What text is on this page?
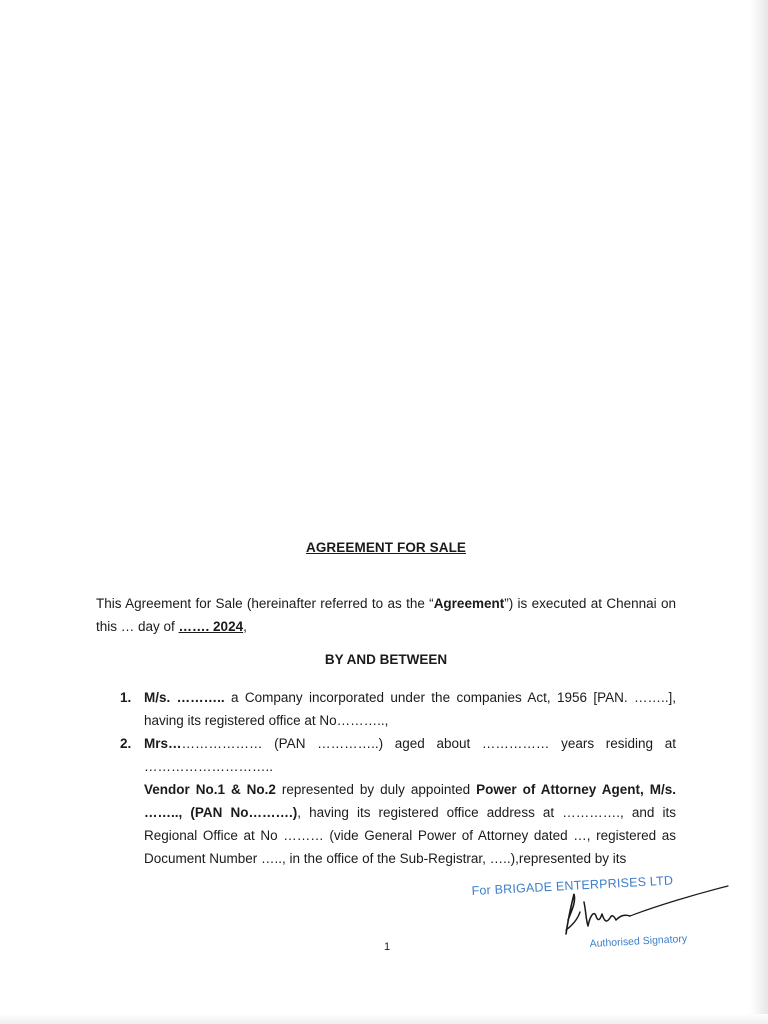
AGREEMENT FOR SALE
This Agreement for Sale (hereinafter referred to as the “Agreement”) is executed at Chennai on this … day of ……. 2024,
BY AND BETWEEN
1. M/s. ……….. a Company incorporated under the companies Act, 1956 [PAN. ……..], having its registered office at No………..,
2. Mrs………………… (PAN …………..) aged about …………… years residing at ………………………..
Vendor No.1 & No.2 represented by duly appointed Power of Attorney Agent, M/s. …….., (PAN No……….), having its registered office address at …………., and its Regional Office at No ……… (vide General Power of Attorney dated …, registered as Document Number ….., in the office of the Sub-Registrar, …..),represented by its
For BRIGADE ENTERPRISES LTD
Authorised Signatory
1
